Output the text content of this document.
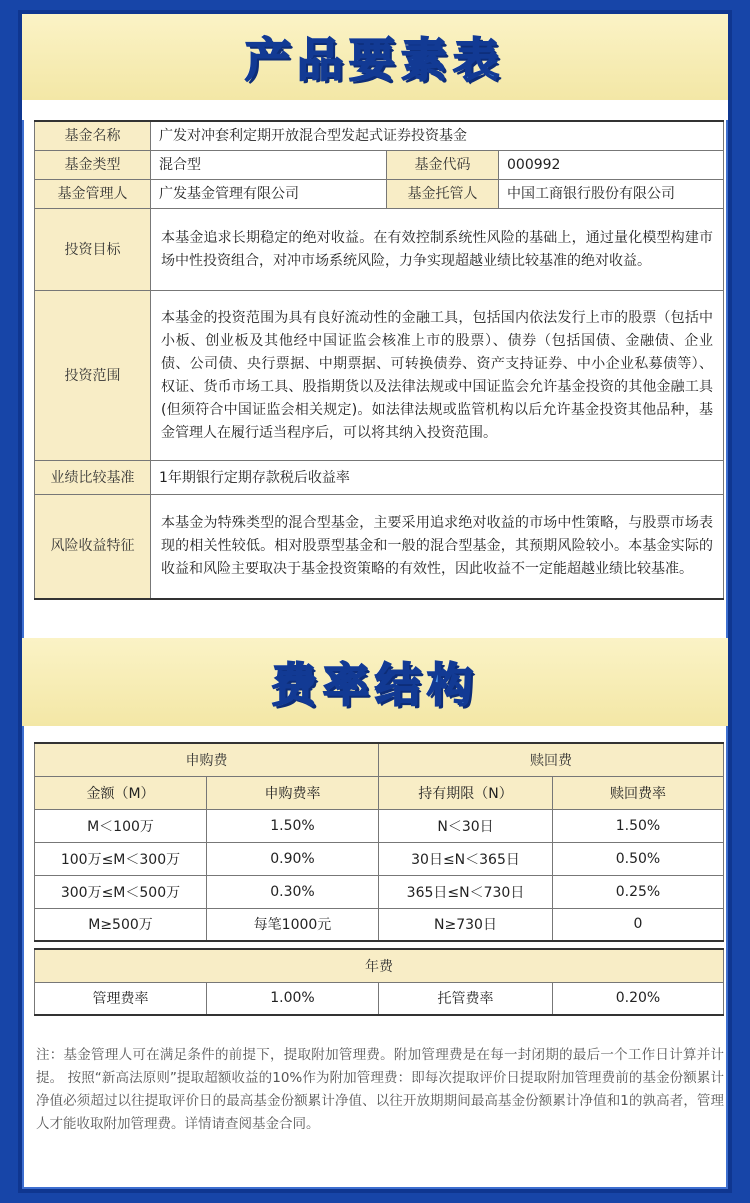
产品要素表
基金名称	广发对冲套利定期开放混合型发起式证券投资基金		
基金类型	混合型	基金代码	000992
基金管理人	广发基金管理有限公司	基金托管人	中国工商银行股份有限公司
投资目标	本基金追求长期稳定的绝对收益。在有效控制系统性风险的基础上，通过量化模型构建市场中性投资组合，对冲市场系统风险，力争实现超越业绩比较基准的绝对收益。		
投资范围	本基金的投资范围为具有良好流动性的金融工具，包括国内依法发行上市的股票（包括中小板、创业板及其他经中国证监会核准上市的股票）、债券（包括国债、金融债、企业债、公司债、央行票据、中期票据、可转换债券、资产支持证券、中小企业私募债等）、权证、货币市场工具、股指期货以及法律法规或中国证监会允许基金投资的其他金融工具(但须符合中国证监会相关规定)。如法律法规或监管机构以后允许基金投资其他品种，基金管理人在履行适当程序后，可以将其纳入投资范围。		
业绩比较基准	1年期银行定期存款税后收益率		
风险收益特征	本基金为特殊类型的混合型基金，主要采用追求绝对收益的市场中性策略，与股票市场表现的相关性较低。相对股票型基金和一般的混合型基金，其预期风险较小。本基金实际的收益和风险主要取决于基金投资策略的有效性，因此收益不一定能超越业绩比较基准。		
费率结构
申购费		赎回费	
金额（M）	申购费率	持有期限（N）	赎回费率
M＜100万	1.50%	N＜30日	1.50%
100万≤M＜300万	0.90%	30日≤N＜365日	0.50%
300万≤M＜500万	0.30%	365日≤N＜730日	0.25%
M≥500万	每笔1000元	N≥730日	0

年费			
管理费率	1.00%	托管费率	0.20%
注：基金管理人可在满足条件的前提下，提取附加管理费。附加管理费是在每一封闭期的最后一个工作日计算并计提。 按照“新高法原则”提取超额收益的10%作为附加管理费：即每次提取评价日提取附加管理费前的基金份额累计净值必须超过以往提取评价日的最高基金份额累计净值、以往开放期期间最高基金份额累计净值和1的孰高者，管理人才能收取附加管理费。详情请查阅基金合同。
